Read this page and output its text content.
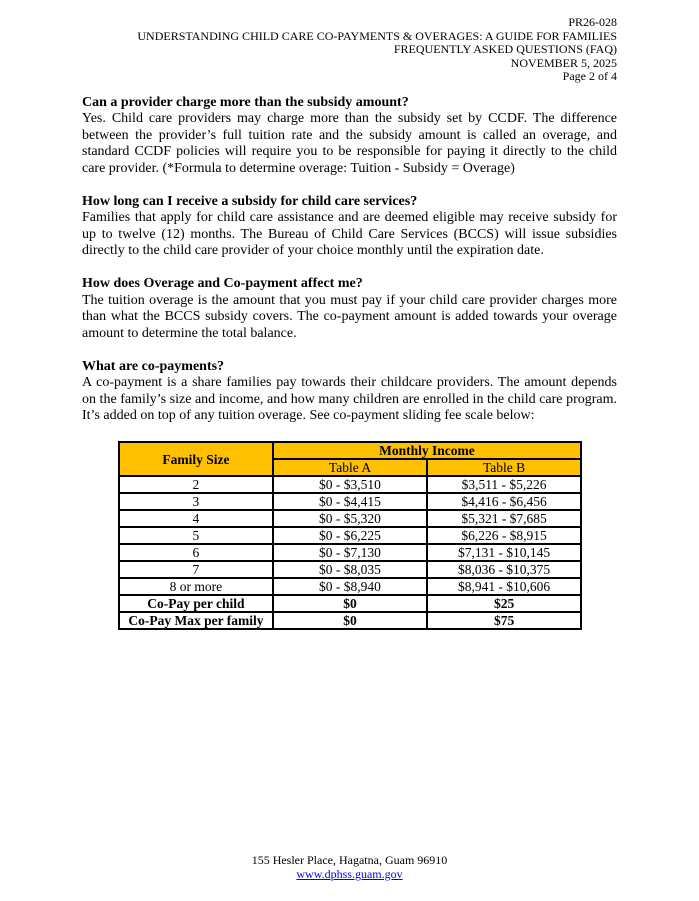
PR26-028
UNDERSTANDING CHILD CARE CO-PAYMENTS & OVERAGES: A GUIDE FOR FAMILIES
FREQUENTLY ASKED QUESTIONS (FAQ)
NOVEMBER 5, 2025
Page 2 of 4
Can a provider charge more than the subsidy amount?

Yes. Child care providers may charge more than the subsidy set by CCDF. The difference between the provider’s full tuition rate and the subsidy amount is called an overage, and standard CCDF policies will require you to be responsible for paying it directly to the child care provider. (*Formula to determine overage: Tuition - Subsidy = Overage)

How long can I receive a subsidy for child care services?

Families that apply for child care assistance and are deemed eligible may receive subsidy for up to twelve (12) months. The Bureau of Child Care Services (BCCS) will issue subsidies directly to the child care provider of your choice monthly until the expiration date.

How does Overage and Co-payment affect me?

The tuition overage is the amount that you must pay if your child care provider charges more than what the BCCS subsidy covers. The co-payment amount is added towards your overage amount to determine the total balance.

What are co-payments?

A co-payment is a share families pay towards their childcare providers. The amount depends on the family’s size and income, and how many children are enrolled in the child care program. It’s added on top of any tuition overage. See co-payment sliding fee scale below:

Family Size	Monthly Income	
	Table A	Table B
2	$0 - $3,510	$3,511 - $5,226
3	$0 - $4,415	$4,416 - $6,456
4	$0 - $5,320	$5,321 - $7,685
5	$0 - $6,225	$6,226 - $8,915
6	$0 - $7,130	$7,131 - $10,145
7	$0 - $8,035	$8,036 - $10,375
8 or more	$0 - $8,940	$8,941 - $10,606
Co-Pay per child	$0	$25
Co-Pay Max per family	$0	$75
155 Hesler Place, Hagatna, Guam 96910
www.dphss.guam.gov
